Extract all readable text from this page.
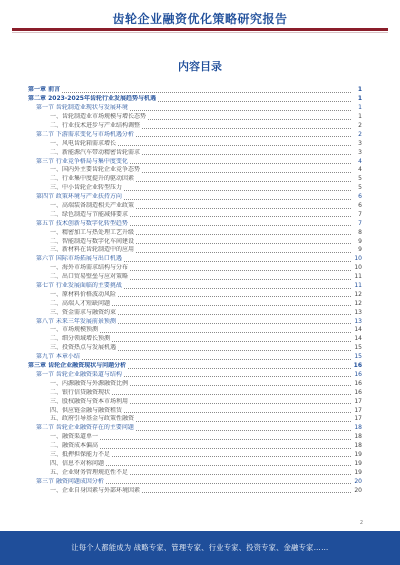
齿轮企业融资优化策略研究报告
内容目录
第一章 前言	1
第二章 2023-2025年齿轮行业发展趋势与机遇	1
第一节 齿轮制造业现状与发展环境	1
一、齿轮制造业市场规模与增长态势	1
二、行业技术进步与产业结构调整	2
第二节 下游需求变化与市场机遇分析	2
一、风电齿轮箱需求增长	3
二、新能源汽车带动精密齿轮需求	3
第三节 行业竞争格局与集中度变化	4
一、国内外主要齿轮企业竞争态势	4
二、行业集中度提升的驱动因素	5
三、中小齿轮企业转型压力	5
第四节 政策环境与产业扶持方向	6
一、高端装备制造相关产业政策	6
二、绿色制造与节能减排要求	7
第五节 技术创新与数字化转型趋势	7
一、精密加工与热处理工艺升级	8
二、智能制造与数字化车间建设	9
三、新材料在齿轮制造中的应用	9
第六节 国际市场拓展与出口机遇	10
一、海外市场需求结构与分布	10
二、出口贸易壁垒与应对策略	11
第七节 行业发展面临的主要挑战	11
一、原材料价格波动风险	12
二、高端人才短缺问题	12
三、资金需求与融资约束	13
第八节 未来三年发展前景预测	13
一、市场规模预测	14
二、细分领域增长预测	14
三、投资热点与发展机遇	15
第九节 本章小结	15
第三章 齿轮企业融资现状与问题分析	16
第一节 齿轮企业融资渠道与结构	16
一、内源融资与外源融资比例	16
二、银行信贷融资现状	16
三、股权融资与资本市场利用	17
四、供应链金融与融资租赁	17
五、政府引导基金与政策性融资	17
第二节 齿轮企业融资存在的主要问题	18
一、融资渠道单一	18
二、融资成本偏高	18
三、抵押担保能力不足	19
四、信息不对称问题	19
五、企业财务管理规范性不足	19
第三节 融资问题成因分析	20
一、企业自身因素与外部环境因素	20
2
让每个人都能成为 战略专家、管理专家、行业专家、投资专家、金融专家……
